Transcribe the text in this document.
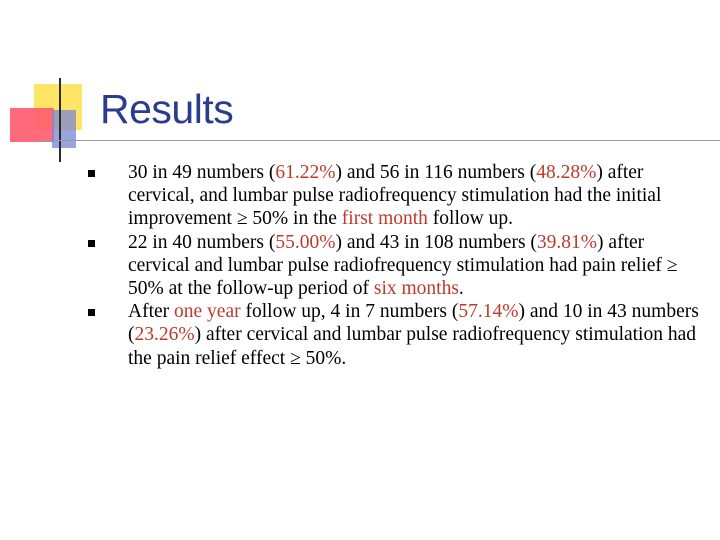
Results
30 in 49 numbers (61.22%) and 56 in 116 numbers (48.28%) after cervical, and lumbar pulse radiofrequency stimulation had the initial improvement ≥ 50% in the first month follow up.
22 in 40 numbers (55.00%) and 43 in 108 numbers (39.81%) after cervical and lumbar pulse radiofrequency stimulation had pain relief ≥ 50% at the follow-up period of six months.
After one year follow up, 4 in 7 numbers (57.14%) and 10 in 43 numbers (23.26%) after cervical and lumbar pulse radiofrequency stimulation had the pain relief effect ≥ 50%.
